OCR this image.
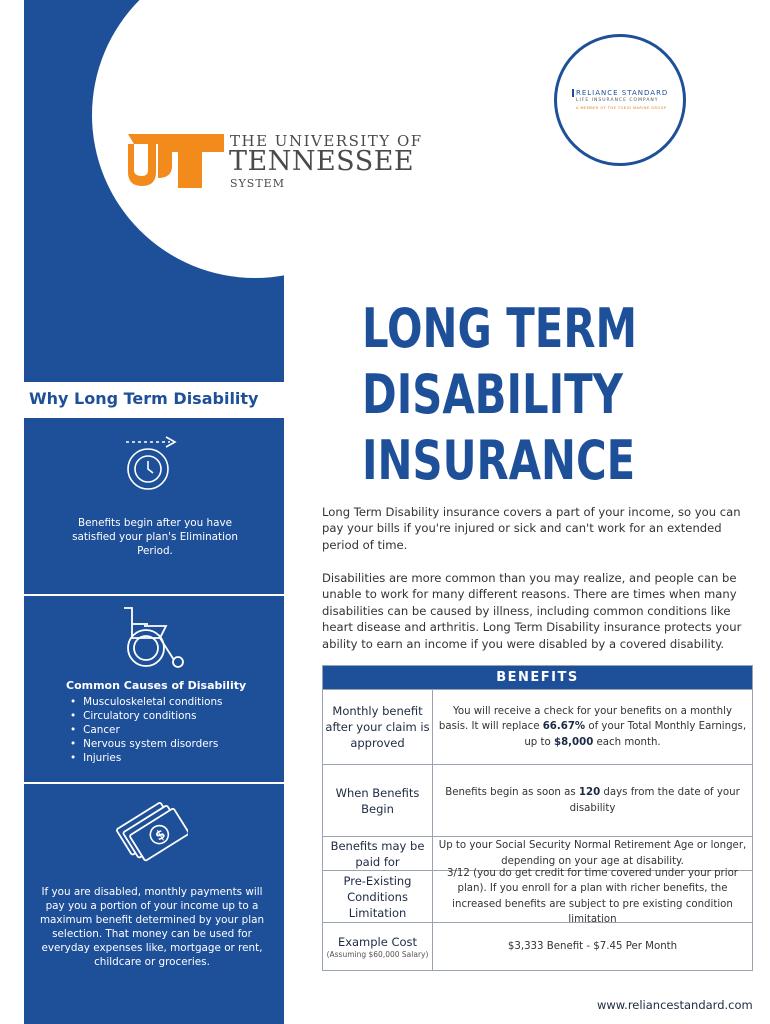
THE UNIVERSITY OF
TENNESSEE
SYSTEM
RELIANCE STANDARD
LIFE INSURANCE COMPANY
A MEMBER OF THE TOKIO MARINE GROUP
Why Long Term Disability
Benefits begin after you have satisfied your plan's Elimination Period.
Common Causes of Disability
• Musculoskeletal conditions
• Circulatory conditions
• Cancer
• Nervous system disorders
• Injuries
$
If you are disabled, monthly payments will pay you a portion of your income up to a maximum benefit determined by your plan selection. That money can be used for everyday expenses like, mortgage or rent, childcare or groceries.
LONG TERM
DISABILITY
INSURANCE

Long Term Disability insurance covers a part of your income, so you can pay your bills if you're injured or sick and can't work for an extended period of time.

Disabilities are more common than you may realize, and people can be unable to work for many different reasons. There are times when many disabilities can be caused by illness, including common conditions like heart disease and arthritis. Long Term Disability insurance protects your ability to earn an income if you were disabled by a covered disability.

BENEFITS
Monthly benefit after your claim is approved
You will receive a check for your benefits on a monthly basis. It will replace 66.67% of your Total Monthly Earnings, up to $8,000 each month.
When Benefits Begin
Benefits begin as soon as 120 days from the date of your disability
Benefits may be paid for
Up to your Social Security Normal Retirement Age or longer, depending on your age at disability.
Pre-Existing Conditions Limitation
3/12 (you do get credit for time covered under your prior plan). If you enroll for a plan with richer benefits, the increased benefits are subject to pre existing condition limitation
Example Cost
(Assuming $60,000 Salary)
$3,333 Benefit - $7.45 Per Month
www.reliancestandard.com
